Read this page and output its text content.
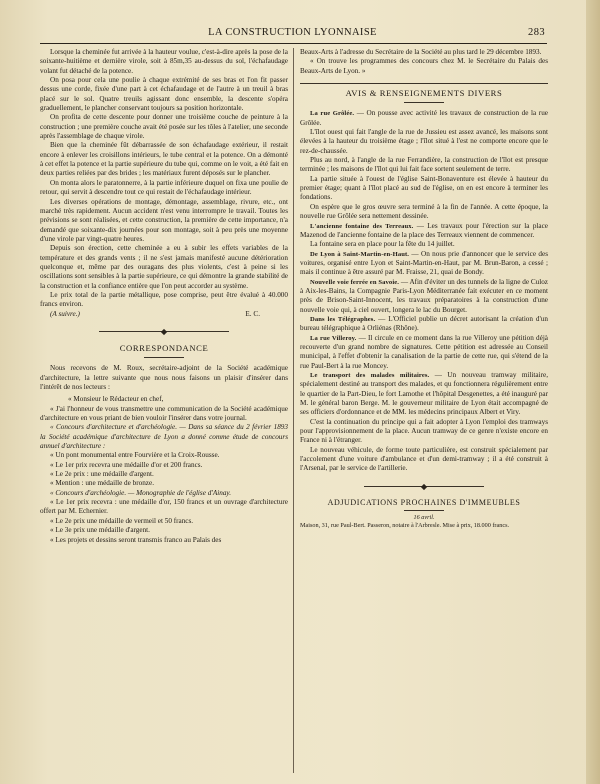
LA CONSTRUCTION LYONNAISE	283

Lorsque la cheminée fut arrivée à la hauteur voulue, c'est-à-dire après la pose de la soixante-huitième et dernière virole, soit à 85m,35 au-dessus du sol, l'échafaudage volant fut détaché de la potence.

On posa pour cela une poulie à chaque extrémité de ses bras et l'on fit passer dessus une corde, fixée d'une part à cet échafaudage et de l'autre à un treuil à bras placé sur le sol. Quatre treuils agissant donc ensemble, la descente s'opéra graduellement, le plancher conservant toujours sa position horizontale.

On profita de cette descente pour donner une troisième couche de peinture à la construction ; une première couche avait été posée sur les tôles à l'atelier, une seconde après l'assemblage de chaque virole.

Bien que la cheminée fût débarrassée de son échafaudage extérieur, il restait encore à enlever les croisillons intérieurs, le tube central et la potence. On a démonté à cet effet la potence et la partie supérieure du tube qui, comme on le voit, a été fait en deux parties reliées par des brides ; les matériaux furent déposés sur le plancher.

On monta alors le paratonnerre, à la partie inférieure duquel on fixa une poulie de retour, qui servit à descendre tout ce qui restait de l'échafaudage intérieur.

Les diverses opérations de montage, démontage, assemblage, rivure, etc., ont marché très rapidement. Aucun accident n'est venu interrompre le travail. Toutes les prévisions se sont réalisées, et cette construction, la première de cette importance, n'a demandé que soixante-dix journées pour son montage, soit à peu près une moyenne d'une virole par vingt-quatre heures.

Depuis son érection, cette cheminée a eu à subir les effets variables de la température et des grands vents ; il ne s'est jamais manifesté aucune détérioration quelconque et, même par des ouragans des plus violents, c'est à peine si les oscillations sont sensibles à la partie supérieure, ce qui démontre la grande stabilité de la construction et la confiance entière que l'on peut accorder au système.

Le prix total de la partie métallique, pose comprise, peut être évalué à 40.000 francs environ.

(A suivre.)	E. C.
CORRESPONDANCE

Nous recevons de M. Roux, secrétaire-adjoint de la Société académique d'architecture, la lettre suivante que nous nous faisons un plaisir d'insérer dans l'intérêt de nos lecteurs :

« Monsieur le Rédacteur en chef,

« J'ai l'honneur de vous transmettre une communication de la Société académique d'architecture en vous priant de bien vouloir l'insérer dans votre journal.

« Concours d'architecture et d'archéologie. — Dans sa séance du 2 février 1893 la Société académique d'architecture de Lyon a donné comme étude de concours annuel d'architecture :

« Un pont monumental entre Fourvière et la Croix-Rousse.

« Le 1er prix recevra une médaille d'or et 200 francs.

« Le 2e prix : une médaille d'argent.

« Mention : une médaille de bronze.

« Concours d'archéologie. — Monographie de l'église d'Ainay.

« Le 1er prix recevra : une médaille d'or, 150 francs et un ouvrage d'architecture offert par M. Echernier.

« Le 2e prix une médaille de vermeil et 50 francs.

« Le 3e prix une médaille d'argent.

« Les projets et dessins seront transmis franco au Palais des

Beaux-Arts à l'adresse du Secrétaire de la Société au plus tard le 29 décembre 1893.

« On trouve les programmes des concours chez M. le Secrétaire du Palais des Beaux-Arts de Lyon. »

AVIS & RENSEIGNEMENTS DIVERS

La rue Grôlée. — On pousse avec activité les travaux de construction de la rue Grôlée.

L'îlot ouest qui fait l'angle de la rue de Jussieu est assez avancé, les maisons sont élevées à la hauteur du troisième étage ; l'îlot situé à l'est ne comporte encore que le rez-de-chaussée.

Plus au nord, à l'angle de la rue Ferrandière, la construction de l'îlot est presque terminée ; les maisons de l'îlot qui lui fait face sortent seulement de terre.

La partie située à l'ouest de l'église Saint-Bonaventure est élevée à hauteur du premier étage; quant à l'îlot placé au sud de l'église, on en est encore à terminer les fondations.

On espère que le gros œuvre sera terminé à la fin de l'année. A cette époque, la nouvelle rue Grôlée sera nettement dessinée.

L'ancienne fontaine des Terreaux. — Les travaux pour l'érection sur la place Mazenod de l'ancienne fontaine de la place des Terreaux viennent de commencer.

La fontaine sera en place pour la fête du 14 juillet.

De Lyon à Saint-Martin-en-Haut. — On nous prie d'annoncer que le service des voitures, organisé entre Lyon et Saint-Martin-en-Haut, par M. Brun-Baron, a cessé ; mais il continue à être assuré par M. Fraisse, 21, quai de Bondy.

Nouvelle voie ferrée en Savoie. — Afin d'éviter un des tunnels de la ligne de Culoz à Aix-les-Bains, la Compagnie Paris-Lyon Méditerranée fait exécuter en ce moment près de Brison-Saint-Innocent, les travaux préparatoires à la construction d'une nouvelle voie qui, à ciel ouvert, longera le lac du Bourget.

Dans les Télégraphes. — L'Officiel publie un décret autorisant la création d'un bureau télégraphique à Orliénas (Rhône).

La rue Villeroy. — Il circule en ce moment dans la rue Villeroy une pétition déjà recouverte d'un grand nombre de signatures. Cette pétition est adressée au Conseil municipal, à l'effet d'obtenir la canalisation de la partie de cette rue, qui s'étend de la rue Paul-Bert à la rue Moncey.

Le transport des malades militaires. — Un nouveau tramway militaire, spécialement destiné au transport des malades, et qu fonctionnera régulièrement entre le quartier de la Part-Dieu, le fort Lamothe et l'hôpital Desgenettes, a été inauguré par M. le général baron Berge. M. le gouverneur militaire de Lyon était accompagné de ses officiers d'ordonnance et de MM. les médecins principaux Albert et Viry.

C'est la continuation du principe qui a fait adopter à Lyon l'emploi des tramways pour l'approvisionnement de la place. Aucun tramway de ce genre n'existe encore en France ni à l'étranger.

Le nouveau véhicule, de forme toute particulière, est construit spécialement par l'accolement d'une voiture d'ambulance et d'un demi-tramway ; il a été construit à l'Arsenal, par le service de l'artillerie.

ADJUDICATIONS PROCHAINES D'IMMEUBLES

16 avril.

Maison, 31, rue Paul-Bert. Passeron, notaire à l'Arbresle. Mise à prix, 18.000 francs.
